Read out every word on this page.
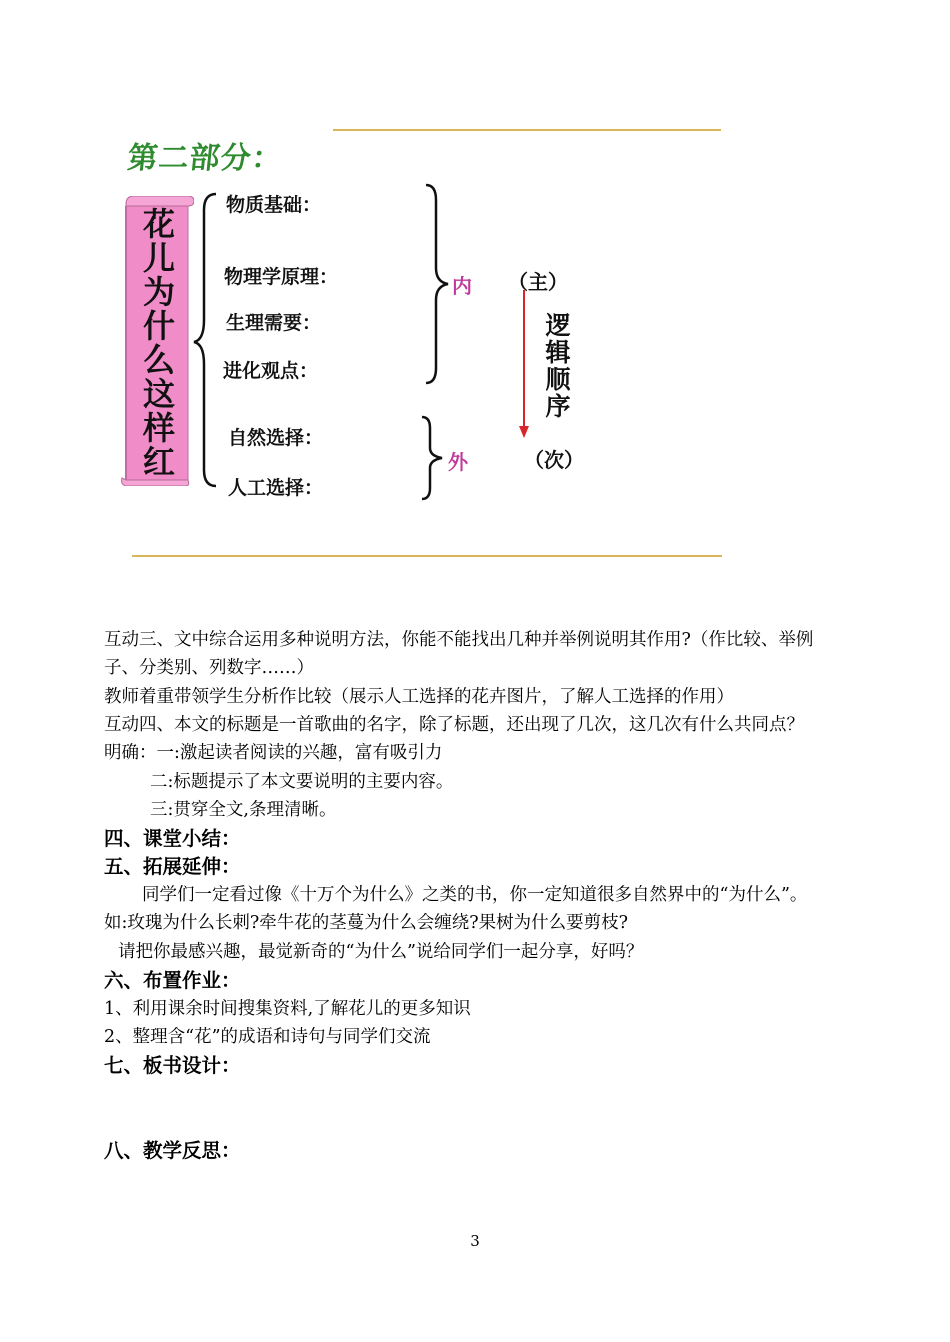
第二部分：
花儿为什么这样红
物质基础：
物理学原理：
生理需要：
进化观点：
自然选择：
人工选择：
内
外
（主）
（次）
逻辑顺序
互动三、文中综合运用多种说明方法，你能不能找出几种并举例说明其作用?（作比较、举例
子、分类别、列数字……）
教师着重带领学生分析作比较（展示人工选择的花卉图片，了解人工选择的作用）
互动四、本文的标题是一首歌曲的名字，除了标题，还出现了几次，这几次有什么共同点？
明确：一:激起读者阅读的兴趣，富有吸引力
二:标题提示了本文要说明的主要内容。
三:贯穿全文,条理清晰。
四、课堂小结：
五、拓展延伸：
同学们一定看过像《十万个为什么》之类的书，你一定知道很多自然界中的“为什么”。
如:玫瑰为什么长刺?牵牛花的茎蔓为什么会缠绕?果树为什么要剪枝?
请把你最感兴趣，最觉新奇的“为什么”说给同学们一起分享，好吗？
六、布置作业：
1、利用课余时间搜集资料,了解花儿的更多知识
2、整理含“花”的成语和诗句与同学们交流
七、板书设计：
八、教学反思：
3
